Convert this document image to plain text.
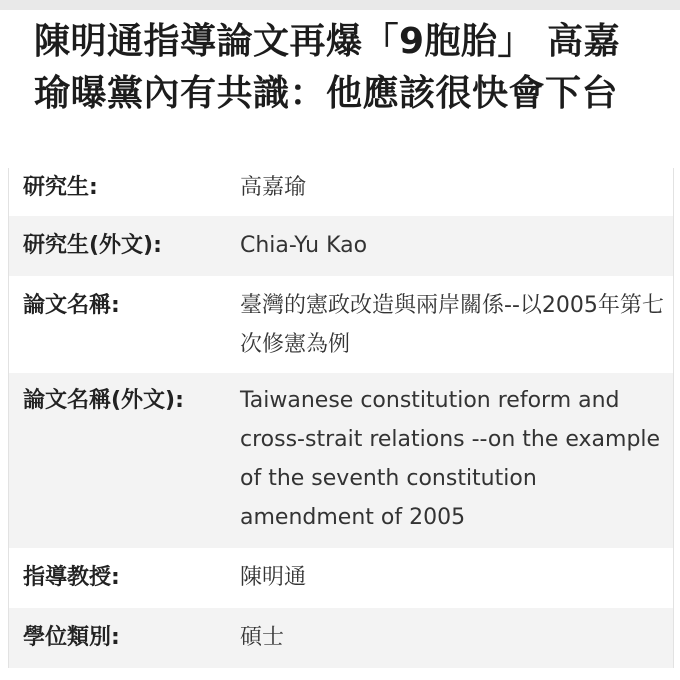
陳明通指導論文再爆「9胞胎」 高嘉瑜曝黨內有共識：他應該很快會下台
研究生:	高嘉瑜
研究生(外文):	Chia-Yu Kao
論文名稱:	臺灣的憲政改造與兩岸關係--以2005年第七次修憲為例
論文名稱(外文):	Taiwanese constitution reform and cross-strait relations --on the example of the seventh constitution amendment of 2005
指導教授:	陳明通
學位類別:	碩士
